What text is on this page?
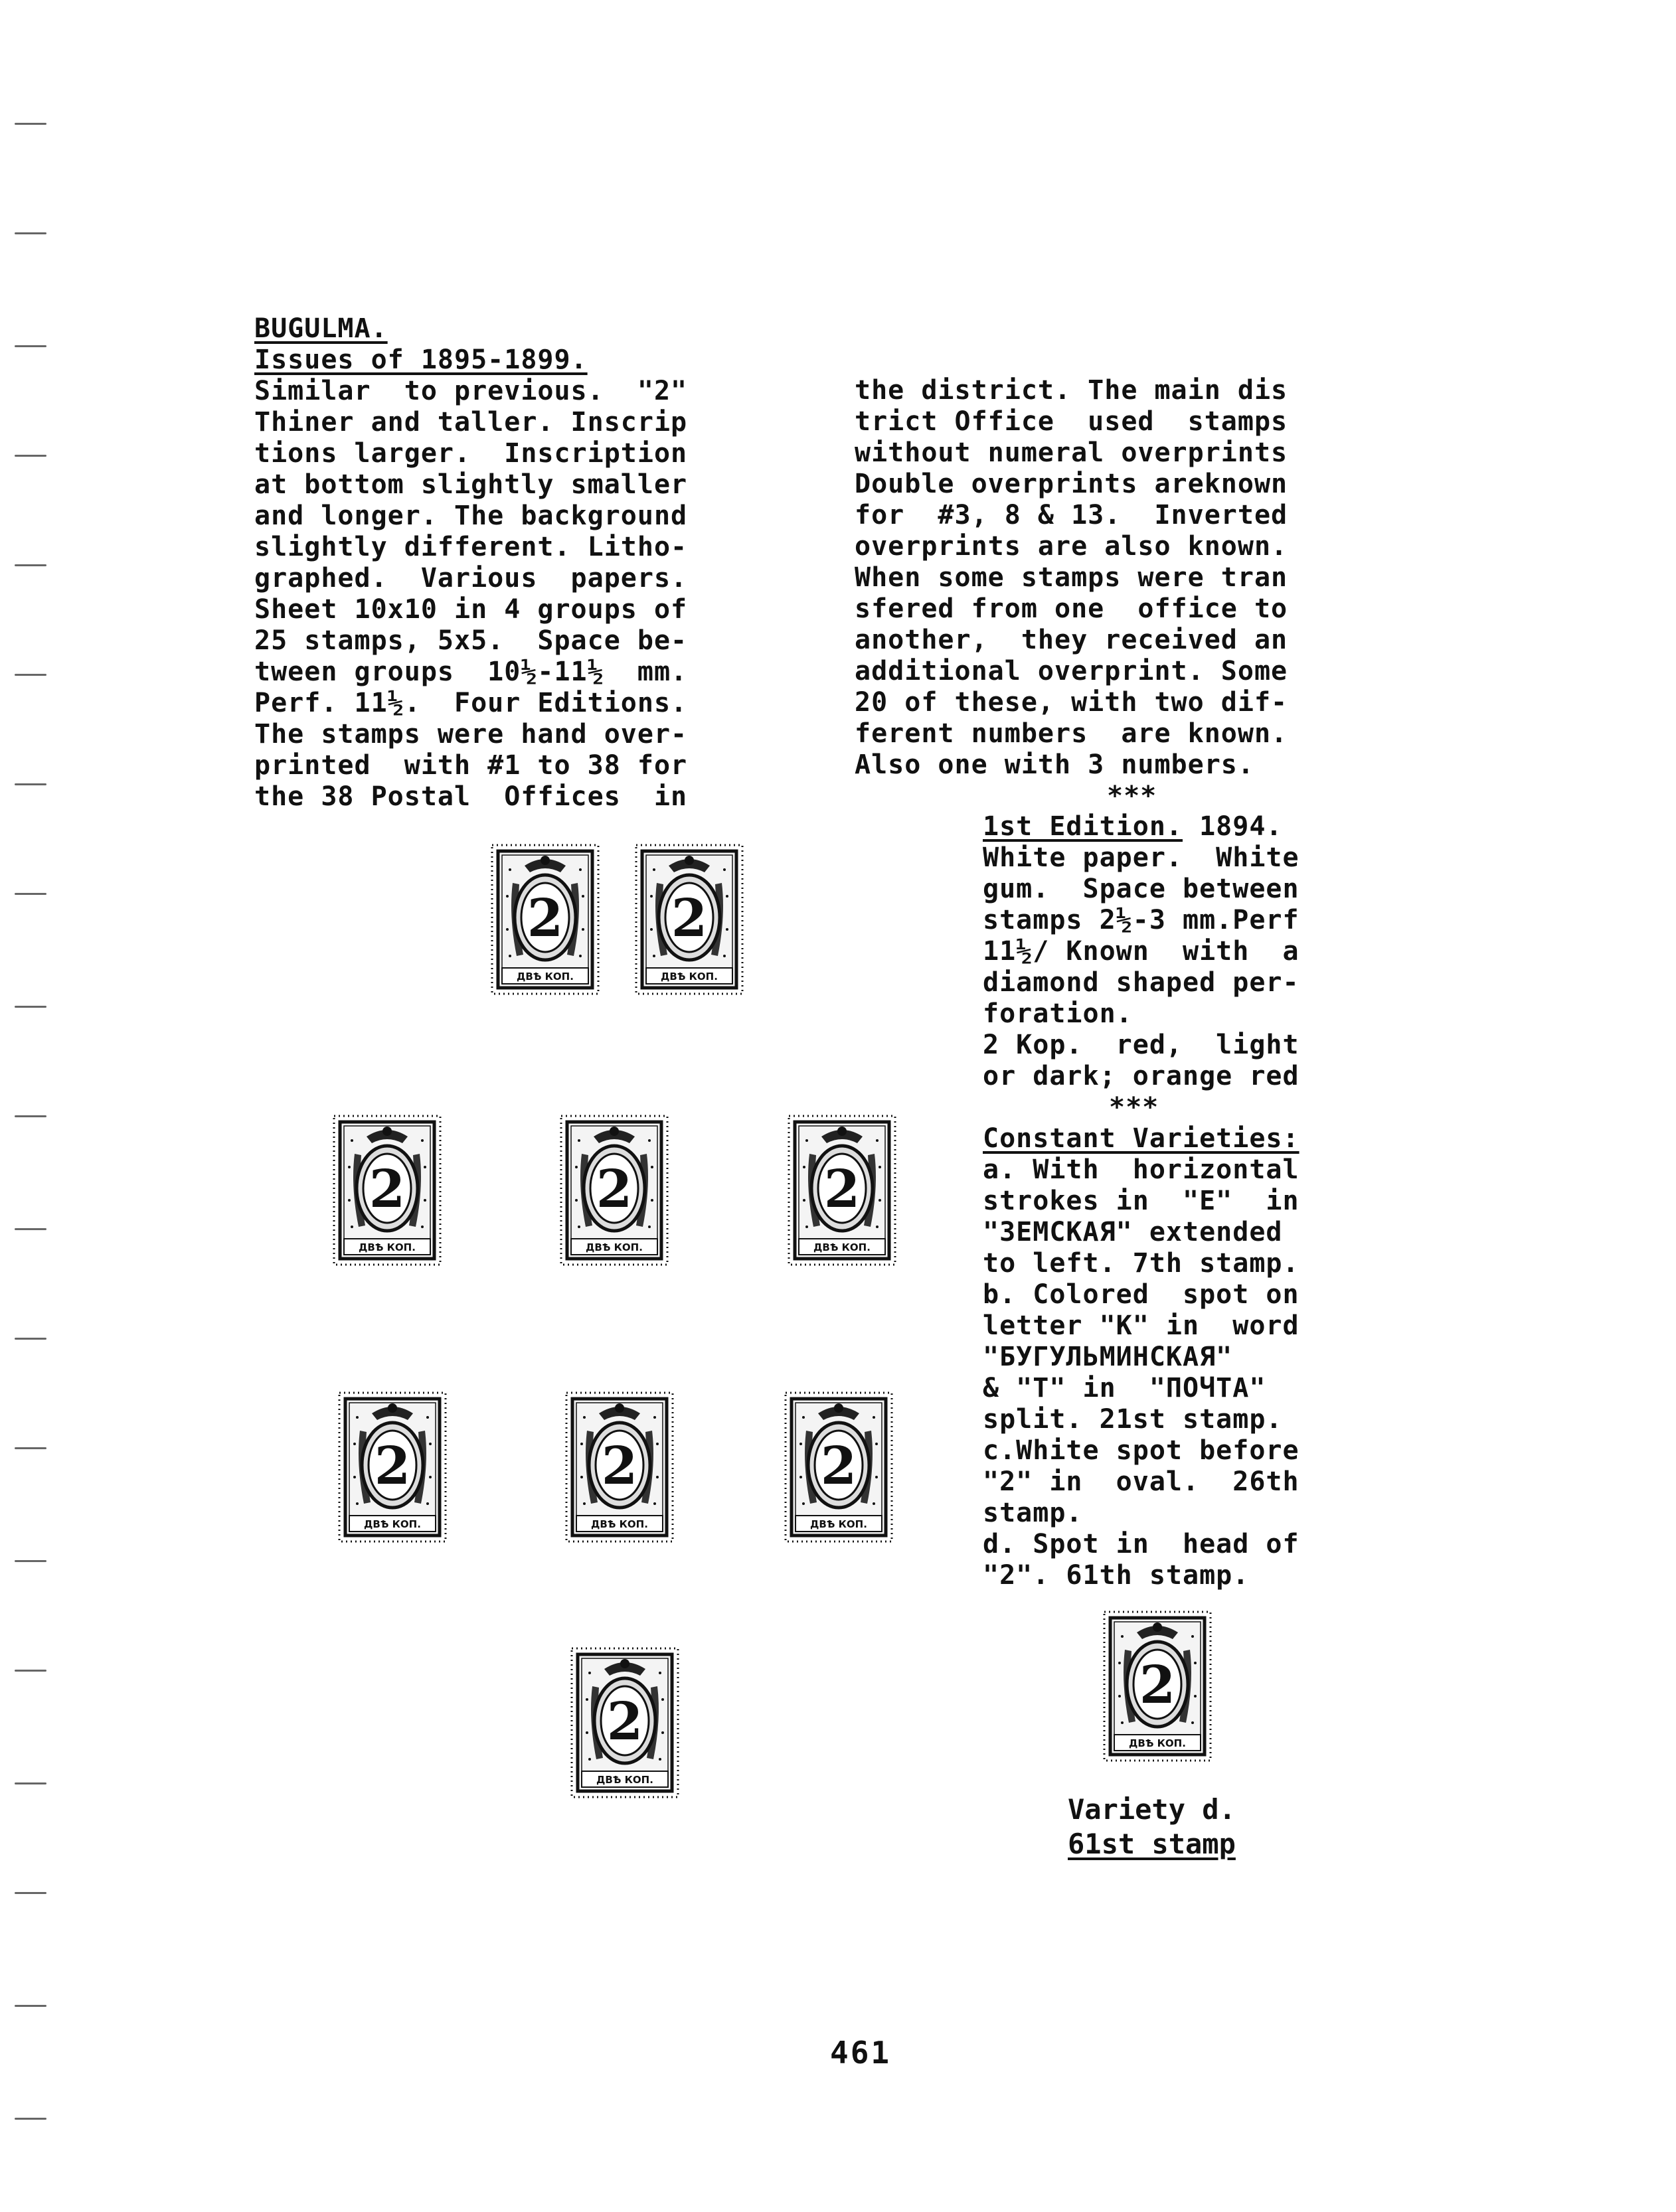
BUGULMA.
Issues of 1895-1899.
Similar  to previous.  "2"
Thiner and taller. Inscrip
tions larger.  Inscription
at bottom slightly smaller
and longer. The background
slightly different. Litho-
graphed.  Various  papers.
Sheet 10x10 in 4 groups of
25 stamps, 5x5.  Space be-
tween groups  10½-11½  mm.
Perf. 11½.  Four Editions.
The stamps were hand over-
printed  with #1 to 38 for
the 38 Postal  Offices  in

the district. The main dis
trict Office  used  stamps
without numeral overprints
Double overprints areknown
for  #3, 8 & 13.  Inverted
overprints are also known.
When some stamps were tran
sfered from one  office to
another,  they received an
additional overprint. Some
20 of these, with two dif-
ferent numbers  are known.
Also one with 3 numbers.
***

1st Edition. 1894.
White paper.  White
gum.  Space between
stamps 2½-3 mm.Perf
11½/ Known  with  a
diamond shaped per-
foration.
2 Kop.  red,  light
or dark; orange red
***
Constant Varieties:
a. With  horizontal
strokes in  "E"  in
"ЗЕМСКАЯ" extended
to left. 7th stamp.
b. Colored  spot on
letter "K" in  word
"БУГУЛЬМИНСКАЯ"
& "T" in  "ПОЧТА"
split. 21st stamp.
c.White spot before
"2" in  oval.  26th
stamp.
d. Spot in  head of
"2". 61th stamp.

2
ДВѢ КОП.
2
ДВѢ КОП.
2
ДВѢ КОП.
2
ДВѢ КОП.
2
ДВѢ КОП.
2
ДВѢ КОП.
2
ДВѢ КОП.
2
ДВѢ КОП.
2
ДВѢ КОП.
2
ДВѢ КОП.
Variety d.
61st stamp
461
